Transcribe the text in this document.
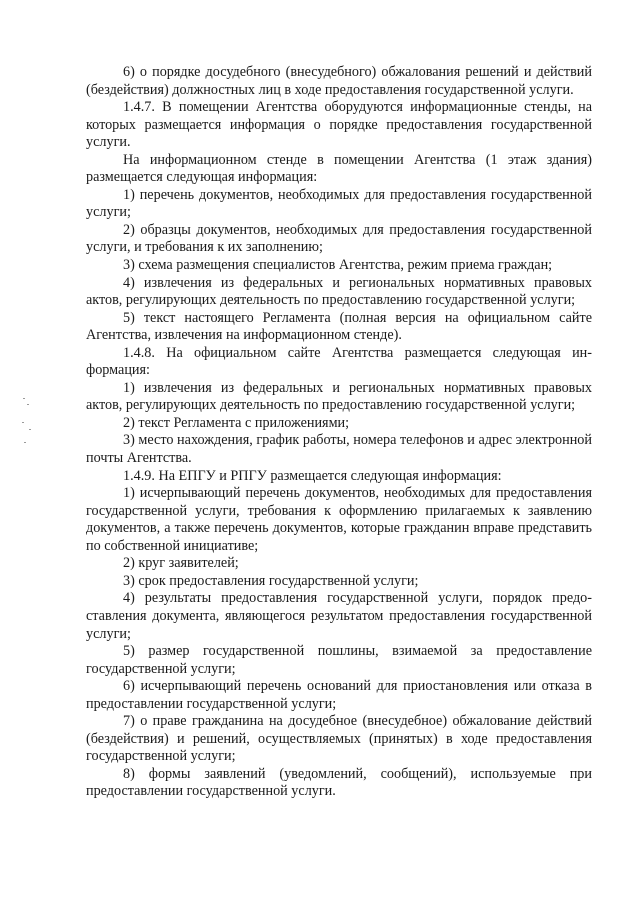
6) о порядке досудебного (внесудебного) обжалования решений и действий (бездействия) должностных лиц в ходе предоставления государственной услуги.

1.4.7. В помещении Агентства оборудуются информационные стенды, на которых размещается информация о порядке предоставления государственной услуги.

На информационном стенде в помещении Агентства (1 этаж здания) размещается следующая информация:

1) перечень документов, необходимых для предоставления государственной услуги;

2) образцы документов, необходимых для предоставления государственной услуги, и требования к их заполнению;

3) схема размещения специалистов Агентства, режим приема граждан;

4) извлечения из федеральных и региональных нормативных правовых актов, регулирующих деятельность по предоставлению государственной услуги;

5) текст настоящего Регламента (полная версия на официальном сайте Агентства, извлечения на информационном стенде).

1.4.8. На официальном сайте Агентства размещается следующая информация:

1) извлечения из федеральных и региональных нормативных правовых актов, регулирующих деятельность по предоставлению государственной услуги;

2) текст Регламента с приложениями;

3) место нахождения, график работы, номера телефонов и адрес электронной почты Агентства.

1.4.9. На ЕПГУ и РПГУ размещается следующая информация:

1) исчерпывающий перечень документов, необходимых для предоставления государственной услуги, требования к оформлению прилагаемых к заявлению документов, а также перечень документов, которые гражданин вправе представить по собственной инициативе;

2) круг заявителей;

3) срок предоставления государственной услуги;

4) результаты предоставления государственной услуги, порядок предоставления документа, являющегося результатом предоставления государственной услуги;

5) размер государственной пошлины, взимаемой за предоставление государственной услуги;

6) исчерпывающий перечень оснований для приостановления или отказа в предоставлении государственной услуги;

7) о праве гражданина на досудебное (внесудебное) обжалование действий (бездействия) и решений, осуществляемых (принятых) в ходе предоставления государственной услуги;

8) формы заявлений (уведомлений, сообщений), используемые при предоставлении государственной услуги.
